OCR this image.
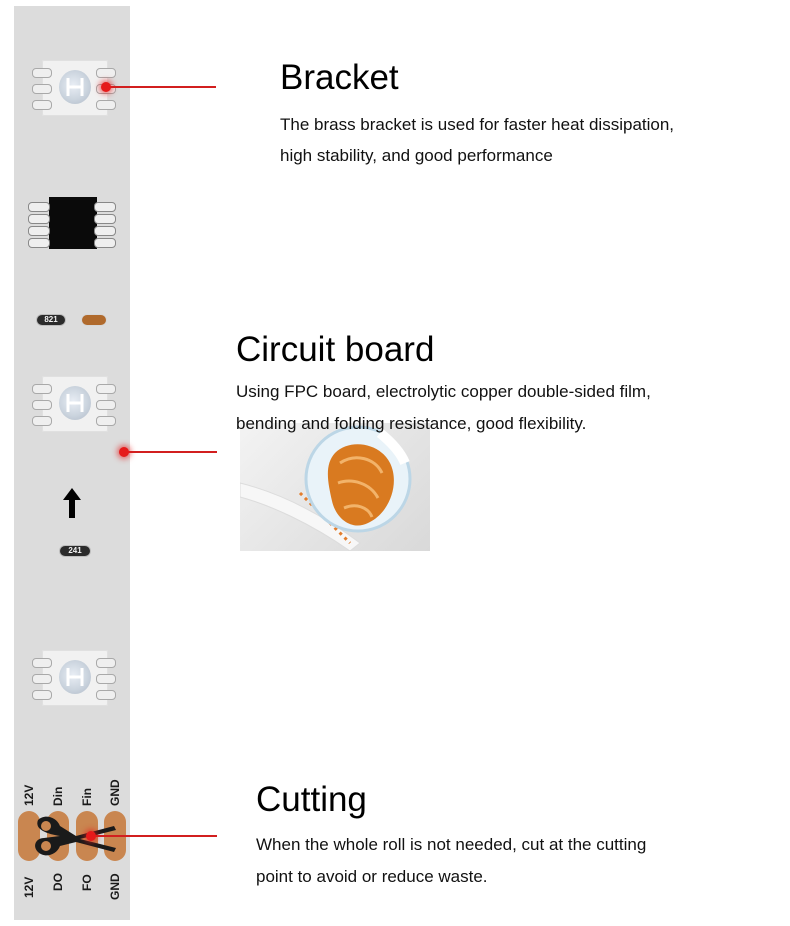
821
241
12V Din Fin GND
12V DO FO GND
Bracket

The brass bracket is used for faster heat dissipation,

high stability, and good performance

Circuit board

Using FPC board, electrolytic copper double-sided film,

bending and folding resistance, good flexibility.

Cutting

When the whole roll is not needed, cut at the cutting

point to avoid or reduce waste.
